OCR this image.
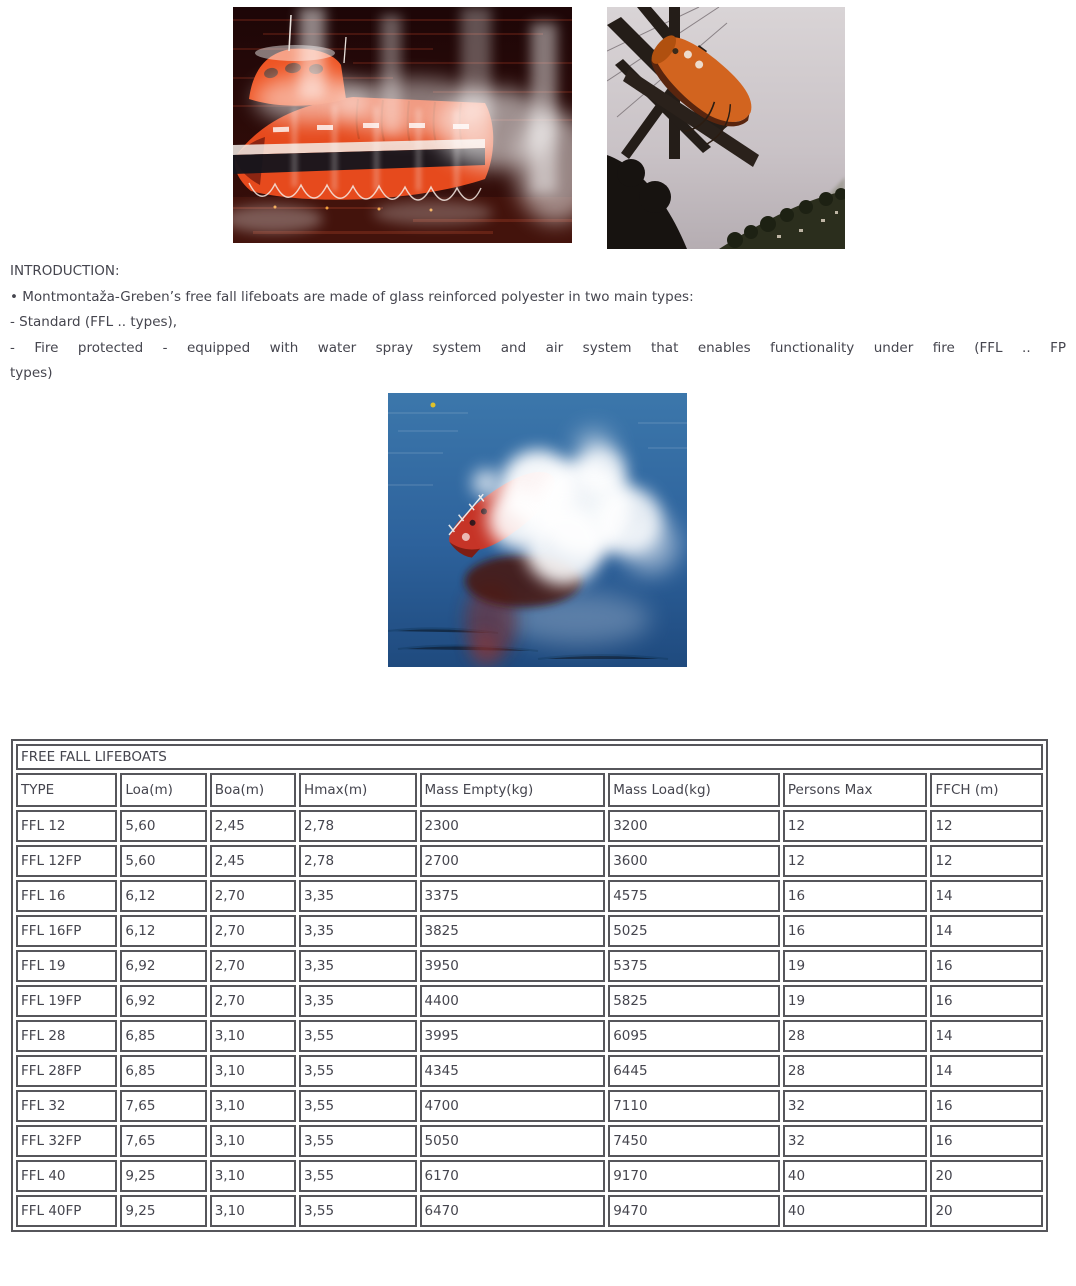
INTRODUCTION:
• Montmontaža-Greben’s free fall lifeboats are made of glass reinforced polyester in two main types:
- Standard (FFL .. types),
- Fire protected - equipped with water spray system and air system that enables functionality under fire (FFL .. FP
types)
FREE FALL LIFEBOATS							
TYPE	Loa(m)	Boa(m)	Hmax(m)	Mass Empty(kg)	Mass Load(kg)	Persons Max	FFCH (m)
FFL 12	5,60	2,45	2,78	2300	3200	12	12
FFL 12FP	5,60	2,45	2,78	2700	3600	12	12
FFL 16	6,12	2,70	3,35	3375	4575	16	14
FFL 16FP	6,12	2,70	3,35	3825	5025	16	14
FFL 19	6,92	2,70	3,35	3950	5375	19	16
FFL 19FP	6,92	2,70	3,35	4400	5825	19	16
FFL 28	6,85	3,10	3,55	3995	6095	28	14
FFL 28FP	6,85	3,10	3,55	4345	6445	28	14
FFL 32	7,65	3,10	3,55	4700	7110	32	16
FFL 32FP	7,65	3,10	3,55	5050	7450	32	16
FFL 40	9,25	3,10	3,55	6170	9170	40	20
FFL 40FP	9,25	3,10	3,55	6470	9470	40	20
